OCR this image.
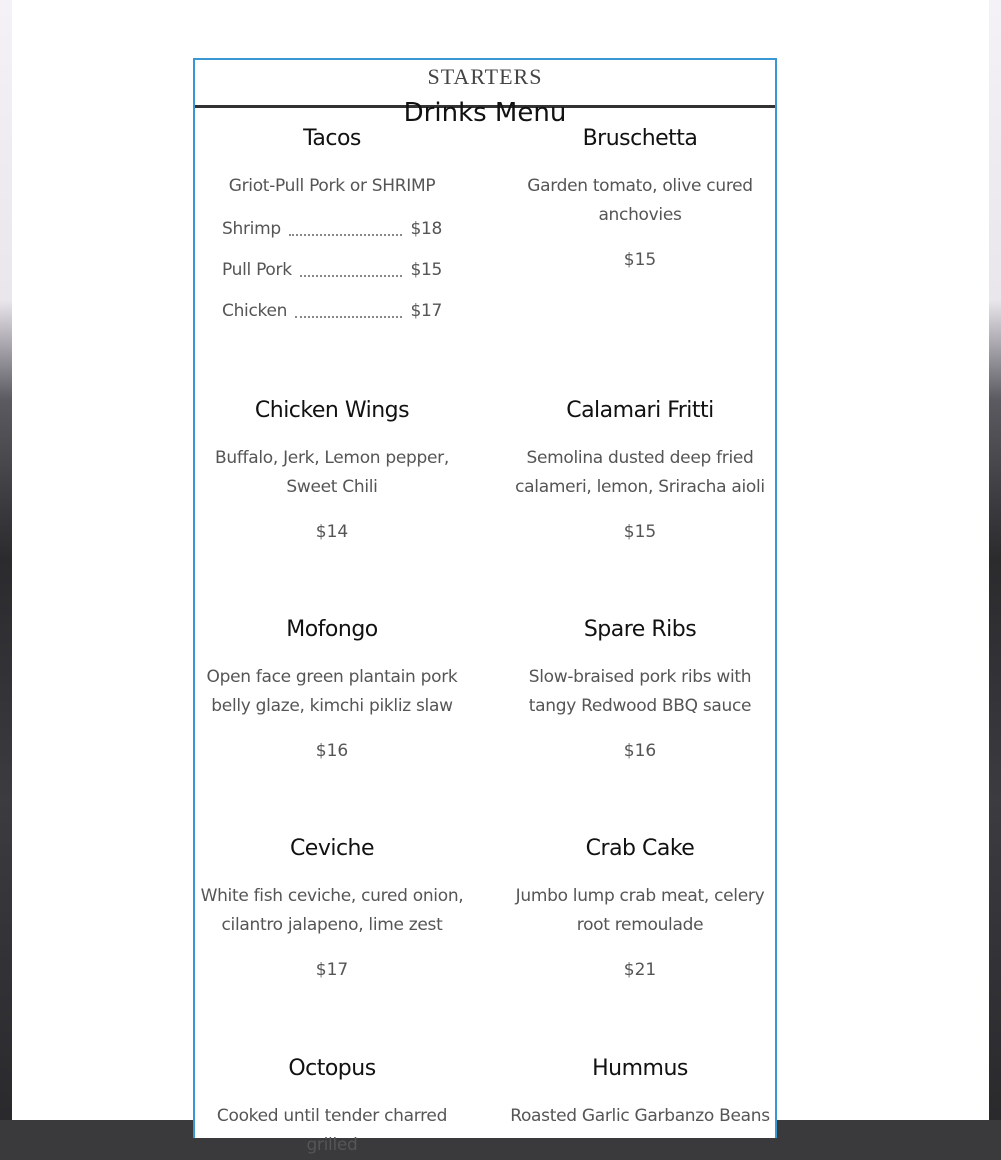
STARTERS
Drinks Menu
Tacos
Griot-Pull Pork or SHRIMP
Shrimp	$18
Pull Pork	$15
Chicken	$17
Bruschetta
Garden tomato, olive cured anchovies
$15
Chicken Wings
Buffalo, Jerk, Lemon pepper, Sweet Chili
$14
Calamari Fritti
Semolina dusted deep fried calameri, lemon, Sriracha aioli
$15
Mofongo
Open face green plantain pork belly glaze, kimchi pikliz slaw
$16
Spare Ribs
Slow-braised pork ribs with tangy Redwood BBQ sauce
$16
Ceviche
White fish ceviche, cured onion, cilantro jalapeno, lime zest
$17
Crab Cake
Jumbo lump crab meat, celery root remoulade
$21
Octopus
Cooked until tender charred grilled
Hummus
Roasted Garlic Garbanzo Beans
